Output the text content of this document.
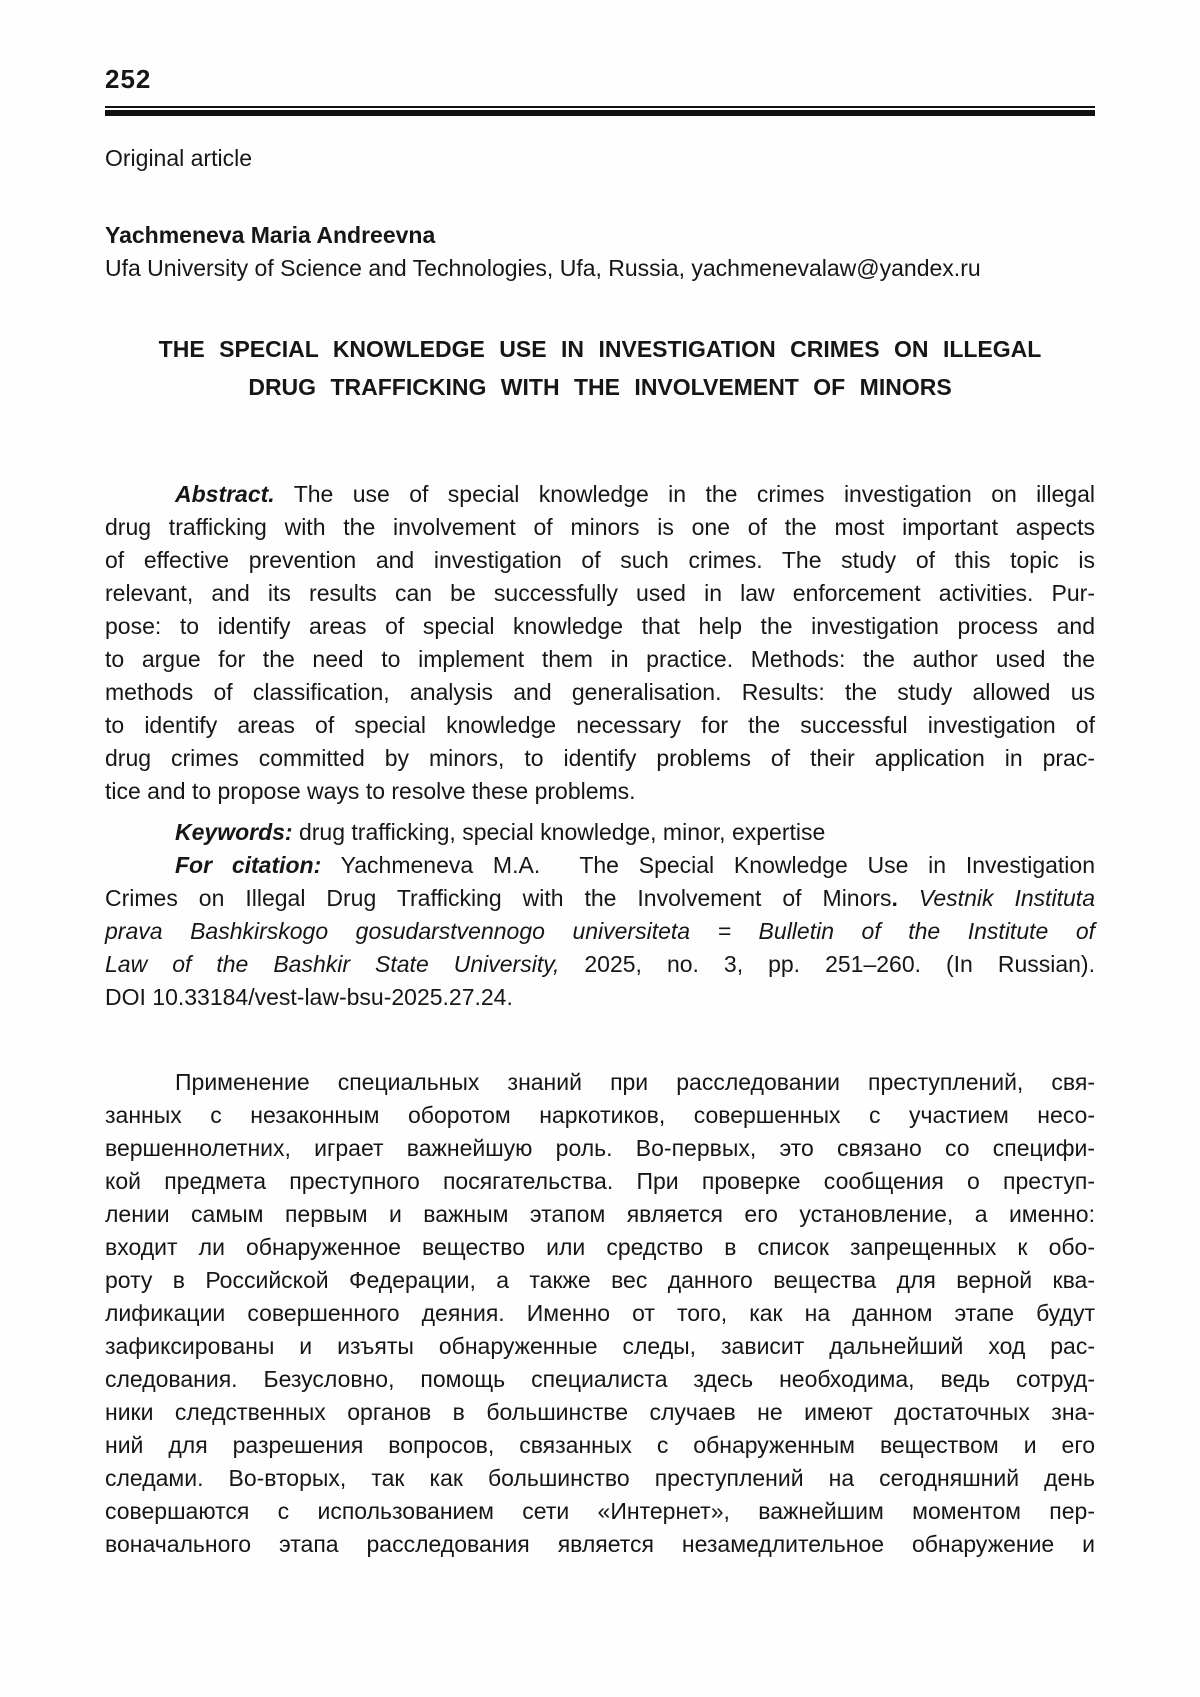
252
Original article
Yachmeneva Maria Andreevna
Ufa University of Science and Technologies, Ufa, Russia, yachmenevalaw@yandex.ru
THE SPECIAL KNOWLEDGE USE IN INVESTIGATION CRIMES ON ILLEGAL
DRUG TRAFFICKING WITH THE INVOLVEMENT OF MINORS
Abstract. The use of special knowledge in the crimes investigation on illegal
drug trafficking with the involvement of minors is one of the most important aspects
of effective prevention and investigation of such crimes. The study of this topic is
relevant, and its results can be successfully used in law enforcement activities. Pur-
pose: to identify areas of special knowledge that help the investigation process and
to argue for the need to implement them in practice. Methods: the author used the
methods of classification, analysis and generalisation. Results: the study allowed us
to identify areas of special knowledge necessary for the successful investigation of
drug crimes committed by minors, to identify problems of their application in prac-
tice and to propose ways to resolve these problems.
Keywords: drug trafficking, special knowledge, minor, expertise
For citation: Yachmeneva M.A.  The Special Knowledge Use in Investigation
Crimes on Illegal Drug Trafficking with the Involvement of Minors. Vestnik Instituta
prava Bashkirskogo gosudarstvennogo universiteta = Bulletin of the Institute of
Law of the Bashkir State University, 2025, no. 3, pp. 251–260. (In Russian).
DOI 10.33184/vest-law-bsu-2025.27.24.
Применение специальных знаний при расследовании преступлений, свя-
занных с незаконным оборотом наркотиков, совершенных с участием несо-
вершеннолетних, играет важнейшую роль. Во-первых, это связано со специфи-
кой предмета преступного посягательства. При проверке сообщения о преступ-
лении самым первым и важным этапом является его установление, а именно:
входит ли обнаруженное вещество или средство в список запрещенных к обо-
роту в Российской Федерации, а также вес данного вещества для верной ква-
лификации совершенного деяния. Именно от того, как на данном этапе будут
зафиксированы и изъяты обнаруженные следы, зависит дальнейший ход рас-
следования. Безусловно, помощь специалиста здесь необходима, ведь сотруд-
ники следственных органов в большинстве случаев не имеют достаточных зна-
ний для разрешения вопросов, связанных с обнаруженным веществом и его
следами. Во-вторых, так как большинство преступлений на сегодняшний день
совершаются с использованием сети «Интернет», важнейшим моментом пер-
воначального этапа расследования является незамедлительное обнаружение и
